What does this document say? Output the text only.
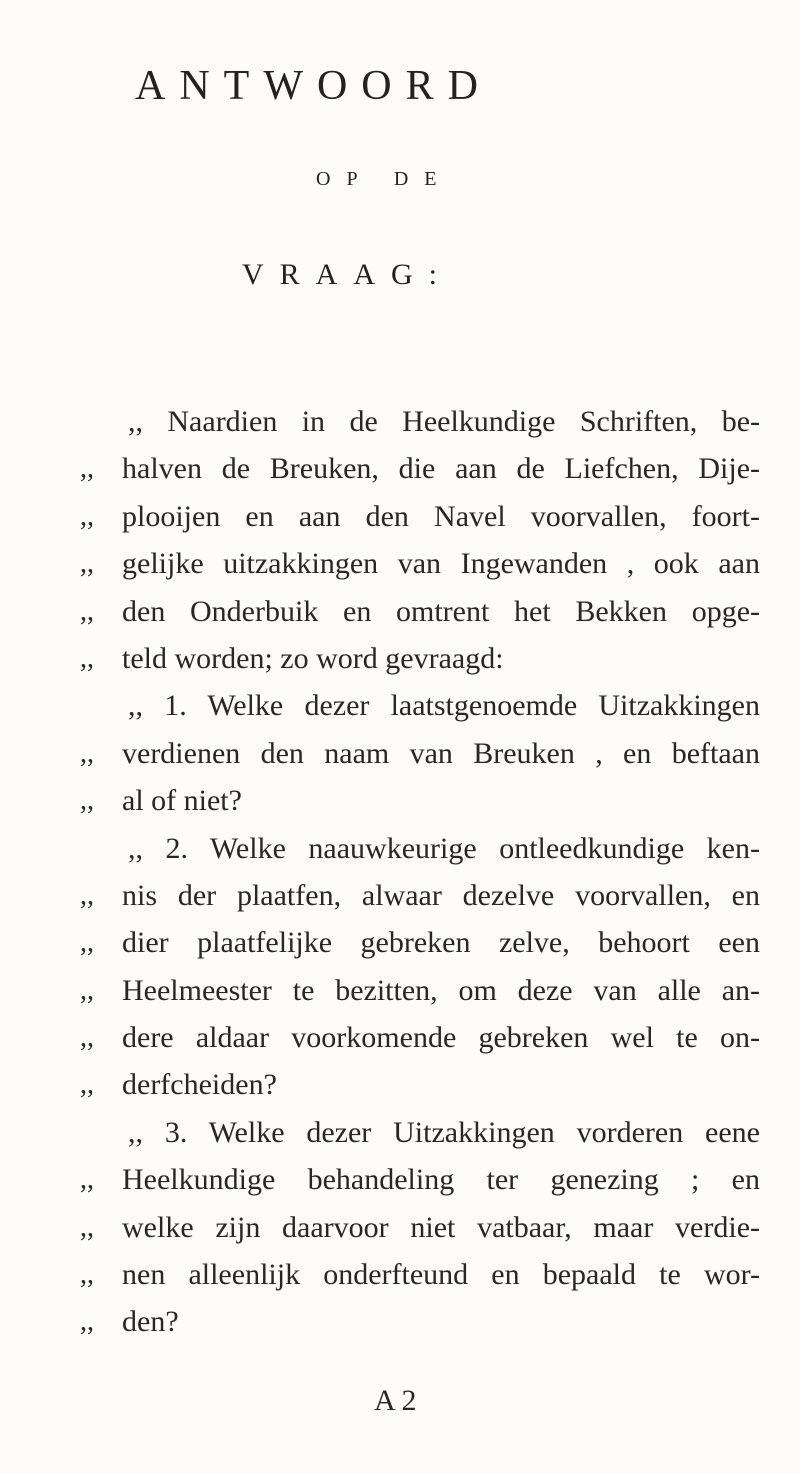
ANTWOORD
OP DE
VRAAG:
,, Naardien in de Heelkundige Schriften, be-
,, halven de Breuken, die aan de Liefchen, Dije-
,, plooijen en aan den Navel voorvallen, foort-
,, gelijke uitzakkingen van Ingewanden , ook aan
,, den Onderbuik en omtrent het Bekken opge-
,, teld worden; zo word gevraagd:
,, 1. Welke dezer laatstgenoemde Uitzakkingen
,, verdienen den naam van Breuken , en beftaan
,, al of niet?
,, 2. Welke naauwkeurige ontleedkundige ken-
,, nis der plaatfen, alwaar dezelve voorvallen, en
,, dier plaatfelijke gebreken zelve, behoort een
,, Heelmeester te bezitten, om deze van alle an-
,, dere aldaar voorkomende gebreken wel te on-
,, derfcheiden?
,, 3. Welke dezer Uitzakkingen vorderen eene
,, Heelkundige behandeling ter genezing ; en
,, welke zijn daarvoor niet vatbaar, maar verdie-
,, nen alleenlijk onderfteund en bepaald te wor-
,, den?
A 2
